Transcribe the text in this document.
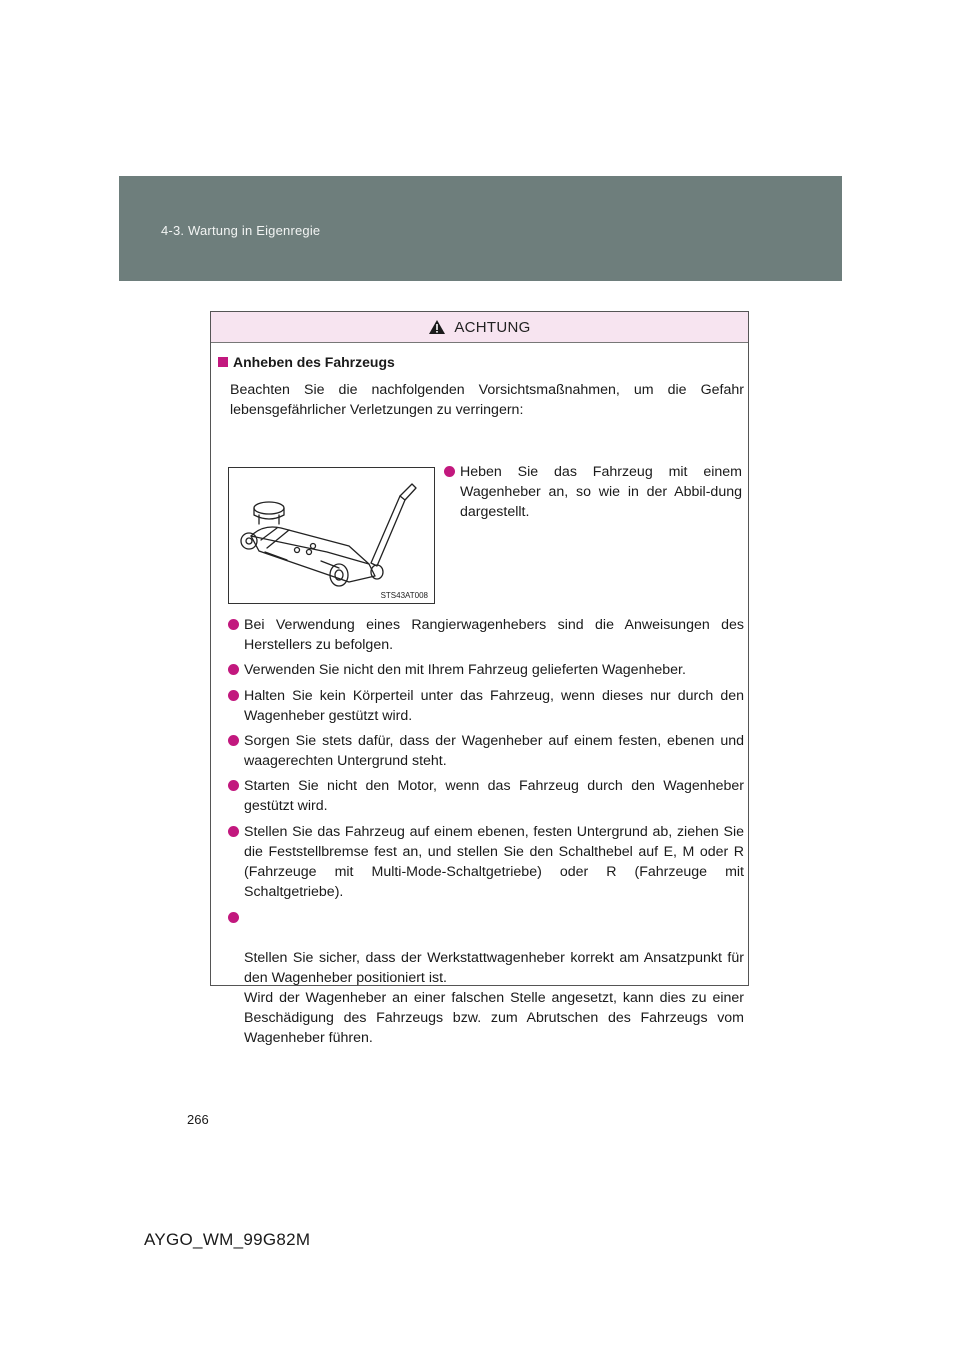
4-3. Wartung in Eigenregie
ACHTUNG
Anheben des Fahrzeugs
Beachten Sie die nachfolgenden Vorsichtsmaßnahmen, um die Gefahr lebensgefährlicher Verletzungen zu verringern:
STS43AT008
Heben Sie das Fahrzeug mit einem Wagenheber an, so wie in der Abbil-dung dargestellt.
Bei Verwendung eines Rangierwagenhebers sind die Anweisungen des Herstellers zu befolgen.
Verwenden Sie nicht den mit Ihrem Fahrzeug gelieferten Wagenheber.
Halten Sie kein Körperteil unter das Fahrzeug, wenn dieses nur durch den Wagenheber gestützt wird.
Sorgen Sie stets dafür, dass der Wagenheber auf einem festen, ebenen und waagerechten Untergrund steht.
Starten Sie nicht den Motor, wenn das Fahrzeug durch den Wagenheber gestützt wird.
Stellen Sie das Fahrzeug auf einem ebenen, festen Untergrund ab, ziehen Sie die Feststellbremse fest an, und stellen Sie den Schalthebel auf E, M oder R (Fahrzeuge mit Multi-Mode-Schaltgetriebe) oder R (Fahrzeuge mit Schaltgetriebe).

Stellen Sie sicher, dass der Werkstattwagenheber korrekt am Ansatzpunkt für den Wagenheber positioniert ist.
Wird der Wagenheber an einer falschen Stelle angesetzt, kann dies zu einer Beschädigung des Fahrzeugs bzw. zum Abrutschen des Fahrzeugs vom Wagenheber führen.

266
AYGO_WM_99G82M
